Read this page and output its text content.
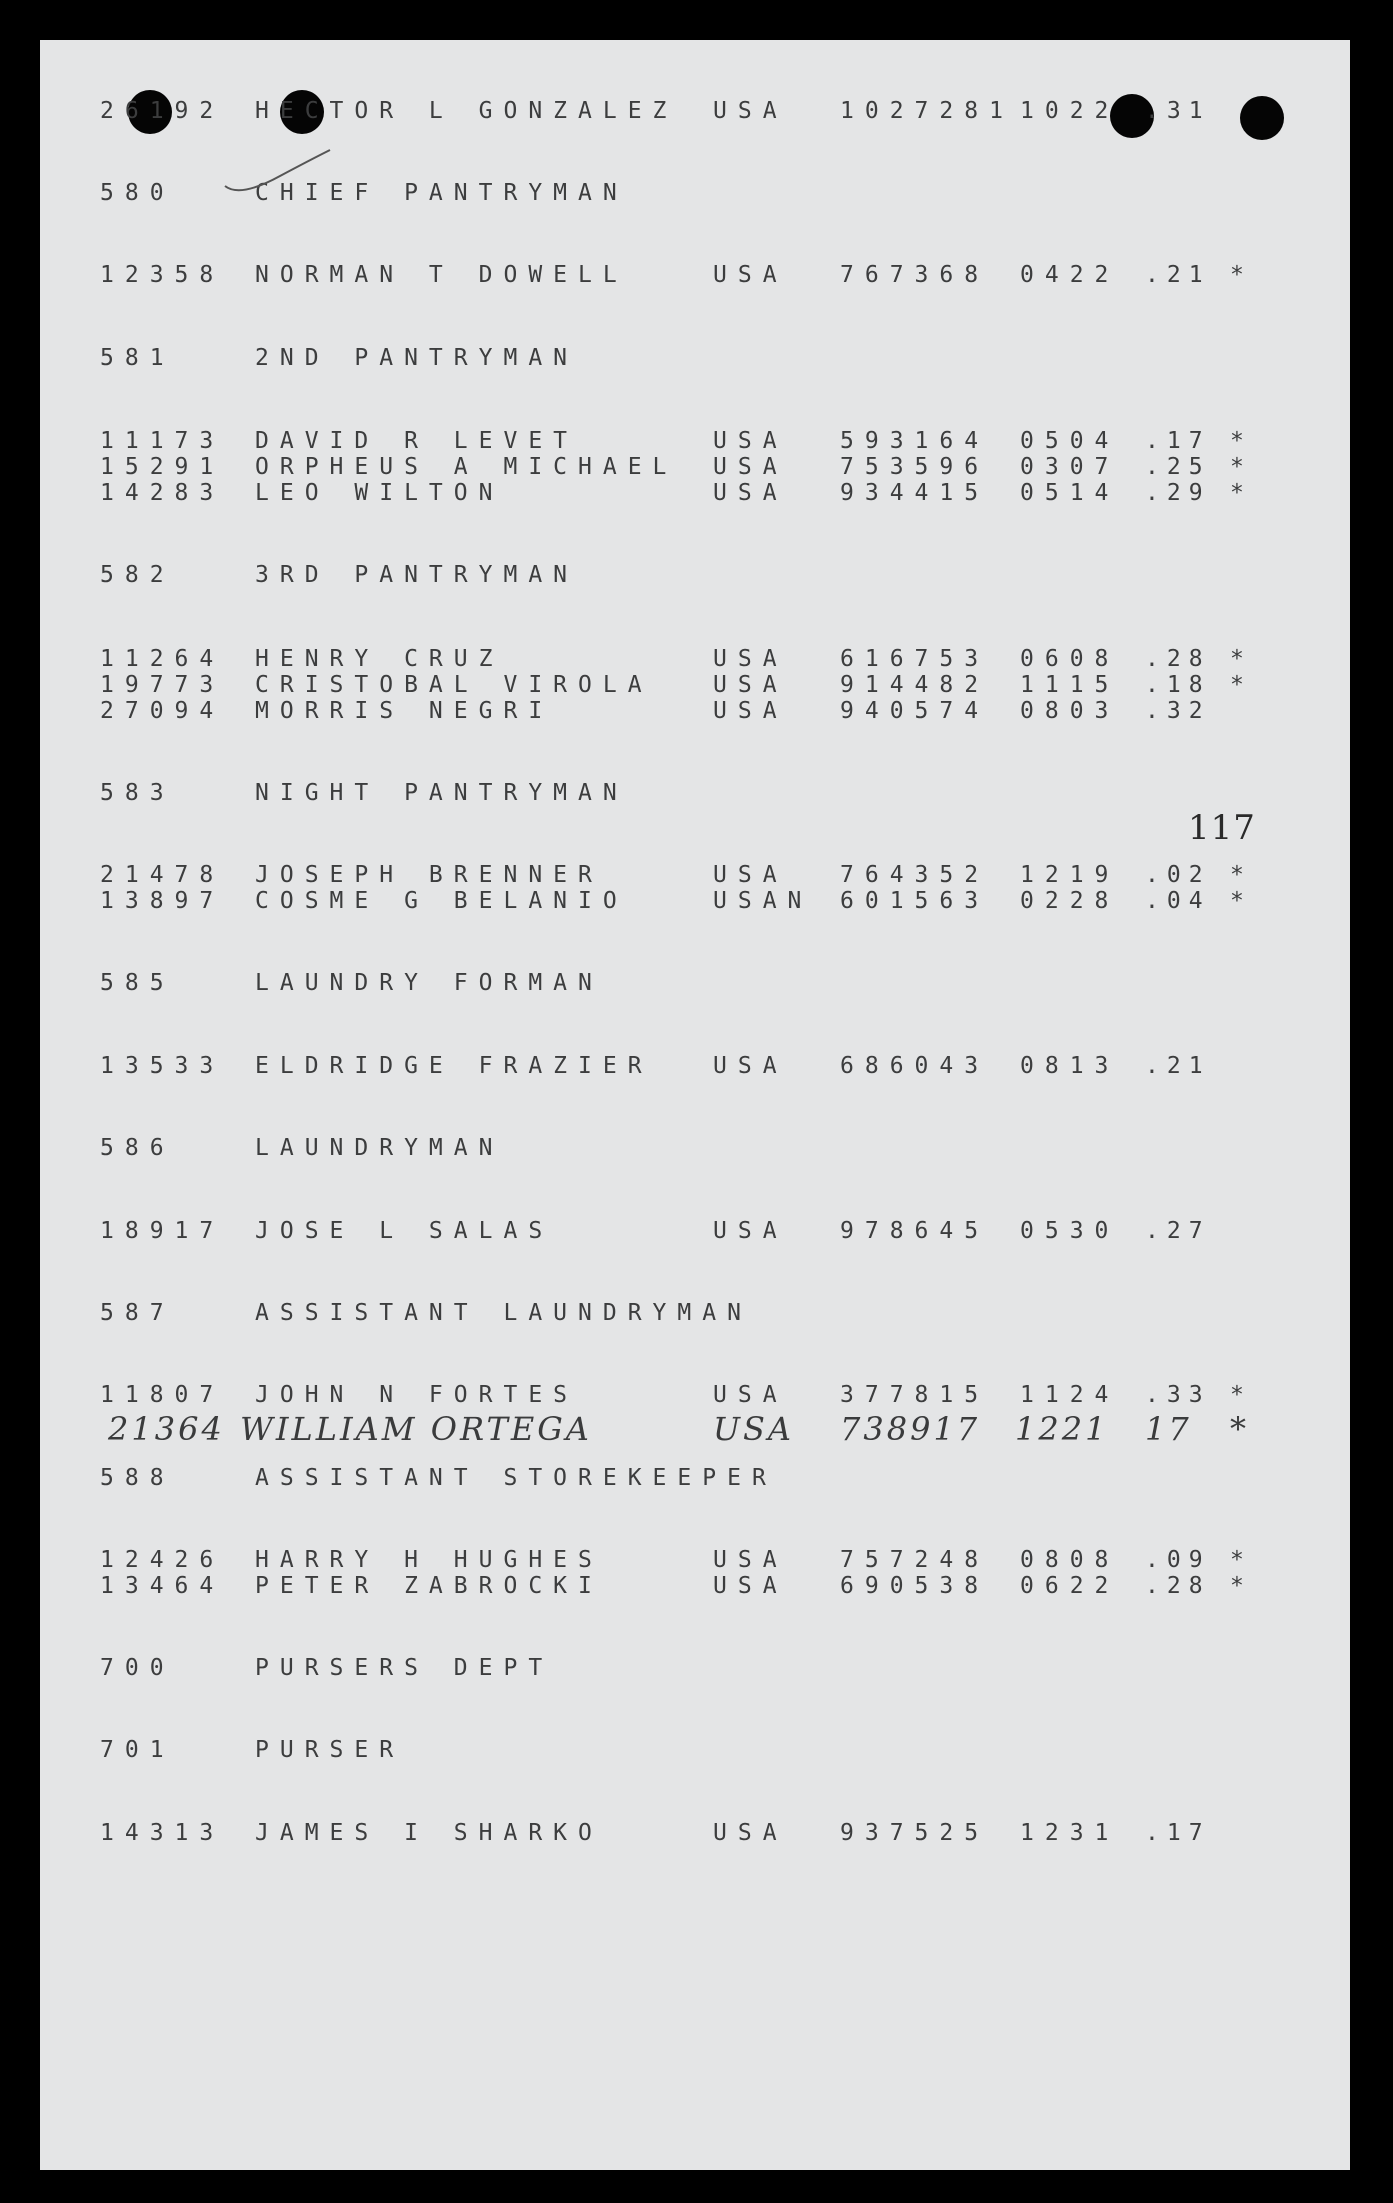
117
26192 HECTOR L GONZALEZ USA 1027281 1022 .31
580	CHIEF PANTRYMAN
12358 NORMAN T DOWELL	USA 767368 0422 .21 *
581	2ND PANTRYMAN
11173 DAVID R LEVET	USA 593164 0504 .17 *
15291 ORPHEUS A MICHAEL USA 753596 0307 .25 *
14283 LEO WILTON	USA 934415 0514 .29 *
582	3RD PANTRYMAN
11264 HENRY CRUZ	USA 616753 0608 .28 *
19773 CRISTOBAL VIROLA	USA 914482 1115 .18 *
27094 MORRIS NEGRI	USA 940574 0803 .32
583	NIGHT PANTRYMAN
21478 JOSEPH BRENNER	USA 764352 1219 .02 *
13897 COSME G BELANIO	USAN 601563 0228 .04 *
585	LAUNDRY FORMAN
13533 ELDRIDGE FRAZIER	USA 686043 0813 .21
586	LAUNDRYMAN
18917 JOSE L SALAS	USA 978645 0530 .27
587	ASSISTANT LAUNDRYMAN
11807 JOHN N FORTES	USA 377815 1124 .33 *
21364 WILLIAM ORTEGA	USA 738917 1221 17 *
588	ASSISTANT STOREKEEPER
12426 HARRY H HUGHES	USA 757248 0808 .09 *
13464 PETER ZABROCKI	USA 690538 0622 .28 *
700	PURSERS DEPT
701	PURSER
14313 JAMES I SHARKO	USA 937525 1231 .17
